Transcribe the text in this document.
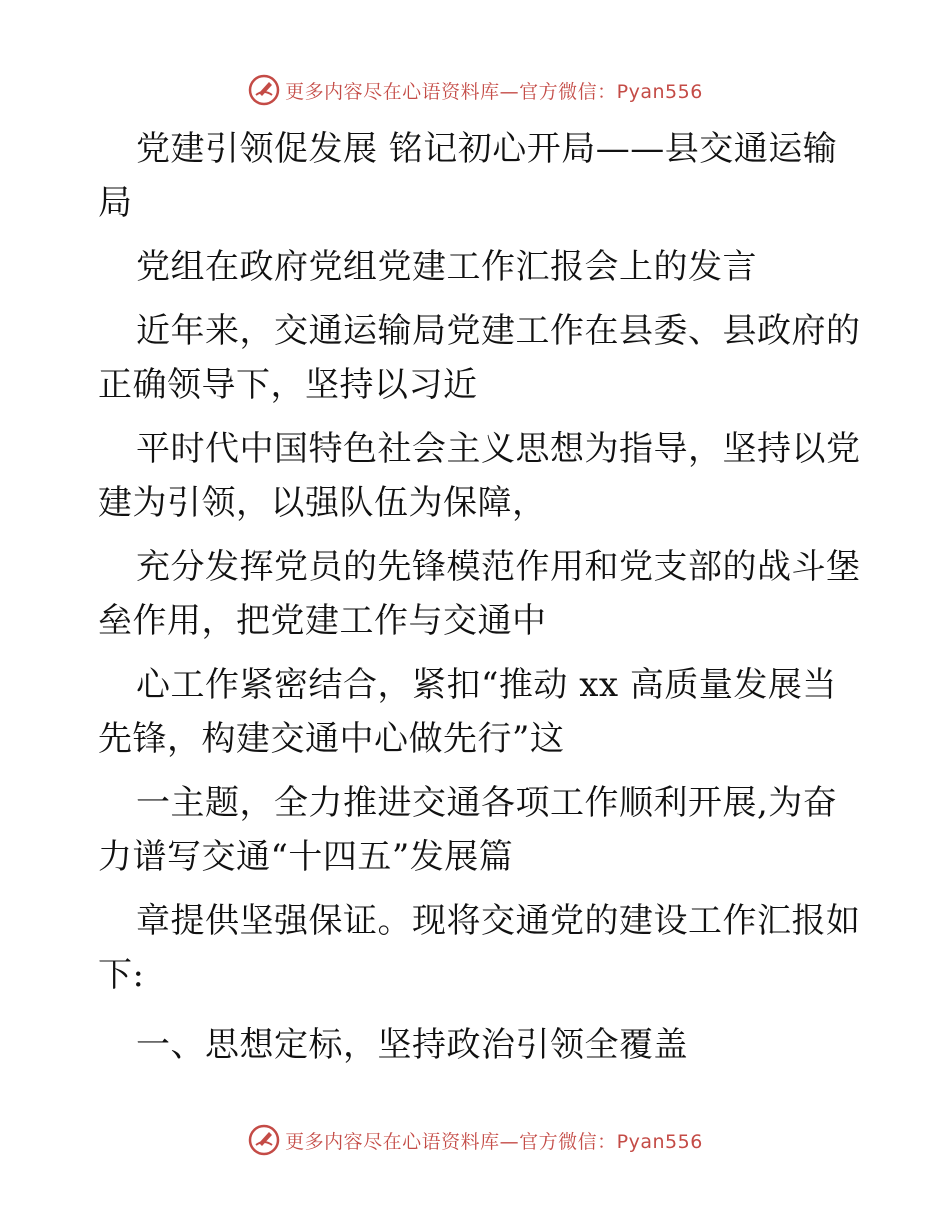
更多内容尽在心语资料库—官方微信：Pyan556
党建引领促发展 铭记初心开局——县交通运输
局
党组在政府党组党建工作汇报会上的发言
近年来，交通运输局党建工作在县委、县政府的
正确领导下，坚持以习近
平时代中国特色社会主义思想为指导，坚持以党
建为引领，以强队伍为保障，
充分发挥党员的先锋模范作用和党支部的战斗堡
垒作用，把党建工作与交通中
心工作紧密结合，紧扣“推动 xx 高质量发展当
先锋，构建交通中心做先行”这
一主题，全力推进交通各项工作顺利开展,为奋
力谱写交通“十四五”发展篇
章提供坚强保证。现将交通党的建设工作汇报如
下:
一、思想定标，坚持政治引领全覆盖
更多内容尽在心语资料库—官方微信：Pyan556
